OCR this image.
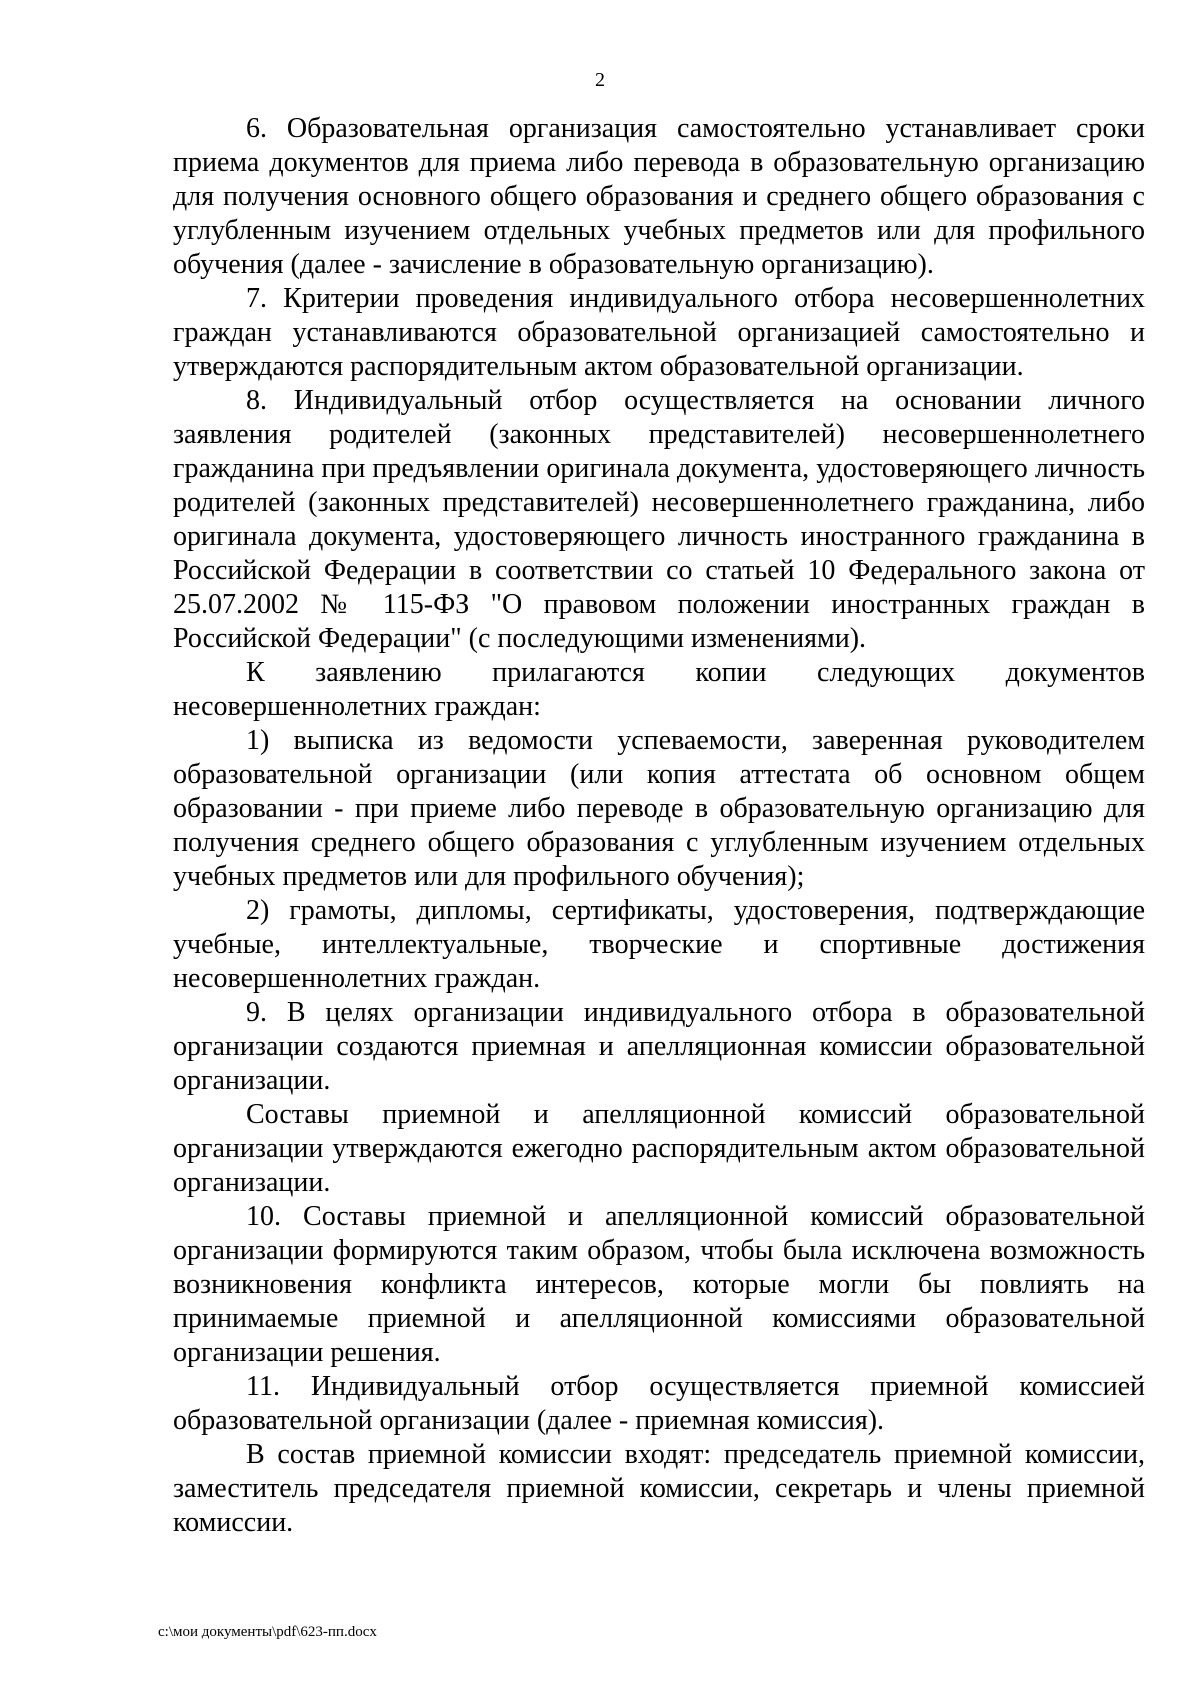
2

6. Образовательная организация самостоятельно устанавливает сроки приема документов для приема либо перевода в образовательную организацию для получения основного общего образования и среднего общего образования с углубленным изучением отдельных учебных предметов или для профильного обучения (далее - зачисление в образовательную организацию).

7. Критерии проведения индивидуального отбора несовершеннолетних граждан устанавливаются образовательной организацией самостоятельно и утверждаются распорядительным актом образовательной организации.

8. Индивидуальный отбор осуществляется на основании личного заявления родителей (законных представителей) несовершеннолетнего гражданина при предъявлении оригинала документа, удостоверяющего личность родителей (законных представителей) несовершеннолетнего гражданина, либо оригинала документа, удостоверяющего личность иностранного гражданина в Российской Федерации в соответствии со статьей 10 Федерального закона от 25.07.2002 № 115-ФЗ "О правовом положении иностранных граждан в Российской Федерации" (с последующими изменениями).

К заявлению прилагаются копии следующих документов несовершеннолетних граждан:

1) выписка из ведомости успеваемости, заверенная руководителем образовательной организации (или копия аттестата об основном общем образовании - при приеме либо переводе в образовательную организацию для получения среднего общего образования с углубленным изучением отдельных учебных предметов или для профильного обучения);

2) грамоты, дипломы, сертификаты, удостоверения, подтверждающие учебные, интеллектуальные, творческие и спортивные достижения несовершеннолетних граждан.

9. В целях организации индивидуального отбора в образовательной организации создаются приемная и апелляционная комиссии образовательной организации.

Составы приемной и апелляционной комиссий образовательной организации утверждаются ежегодно распорядительным актом образовательной организации.

10. Составы приемной и апелляционной комиссий образовательной организации формируются таким образом, чтобы была исключена возможность возникновения конфликта интересов, которые могли бы повлиять на принимаемые приемной и апелляционной комиссиями образовательной организации решения.

11. Индивидуальный отбор осуществляется приемной комиссией образовательной организации (далее - приемная комиссия).

В состав приемной комиссии входят: председатель приемной комиссии, заместитель председателя приемной комиссии, секретарь и члены приемной комиссии.

c:\мои документы\pdf\623-пп.docx
